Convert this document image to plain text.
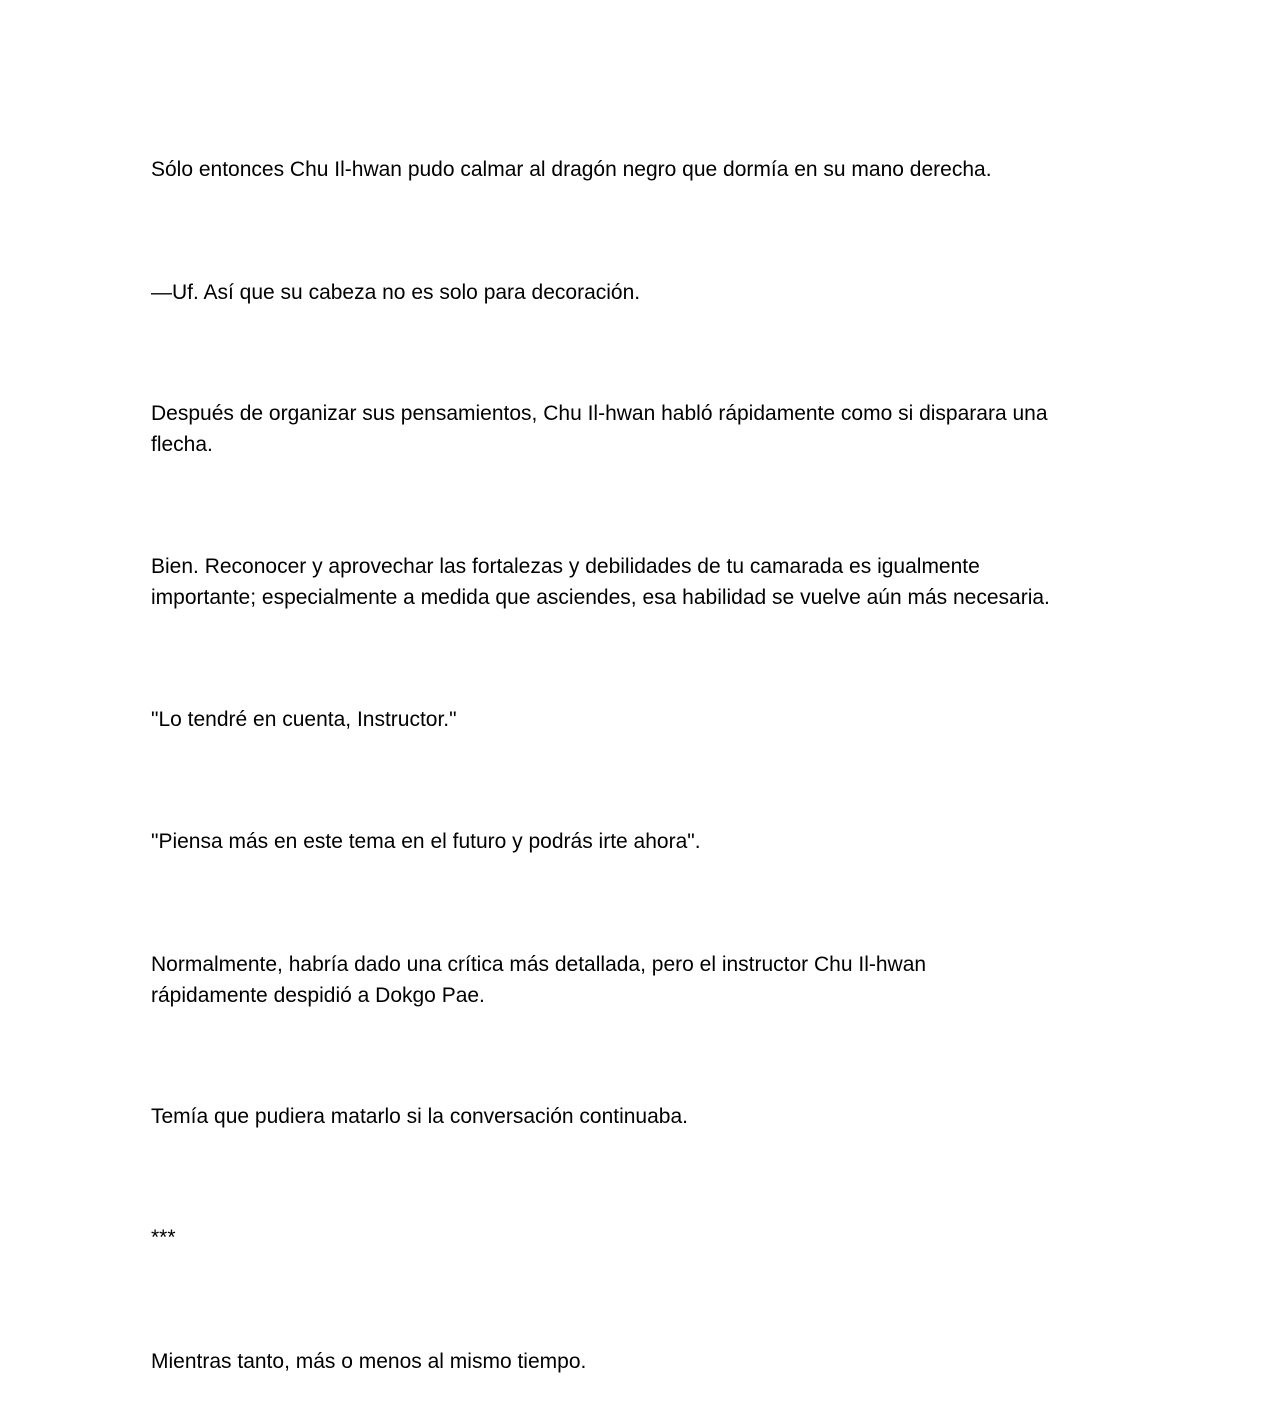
Sólo entonces Chu Il-hwan pudo calmar al dragón negro que dormía en su mano derecha.

—Uf. Así que su cabeza no es solo para decoración.

Después de organizar sus pensamientos, Chu Il-hwan habló rápidamente como si disparara una
flecha.

Bien. Reconocer y aprovechar las fortalezas y debilidades de tu camarada es igualmente
importante; especialmente a medida que asciendes, esa habilidad se vuelve aún más necesaria.

"Lo tendré en cuenta, Instructor."

"Piensa más en este tema en el futuro y podrás irte ahora".

Normalmente, habría dado una crítica más detallada, pero el instructor Chu Il-hwan
rápidamente despidió a Dokgo Pae.

Temía que pudiera matarlo si la conversación continuaba.

***

Mientras tanto, más o menos al mismo tiempo.
